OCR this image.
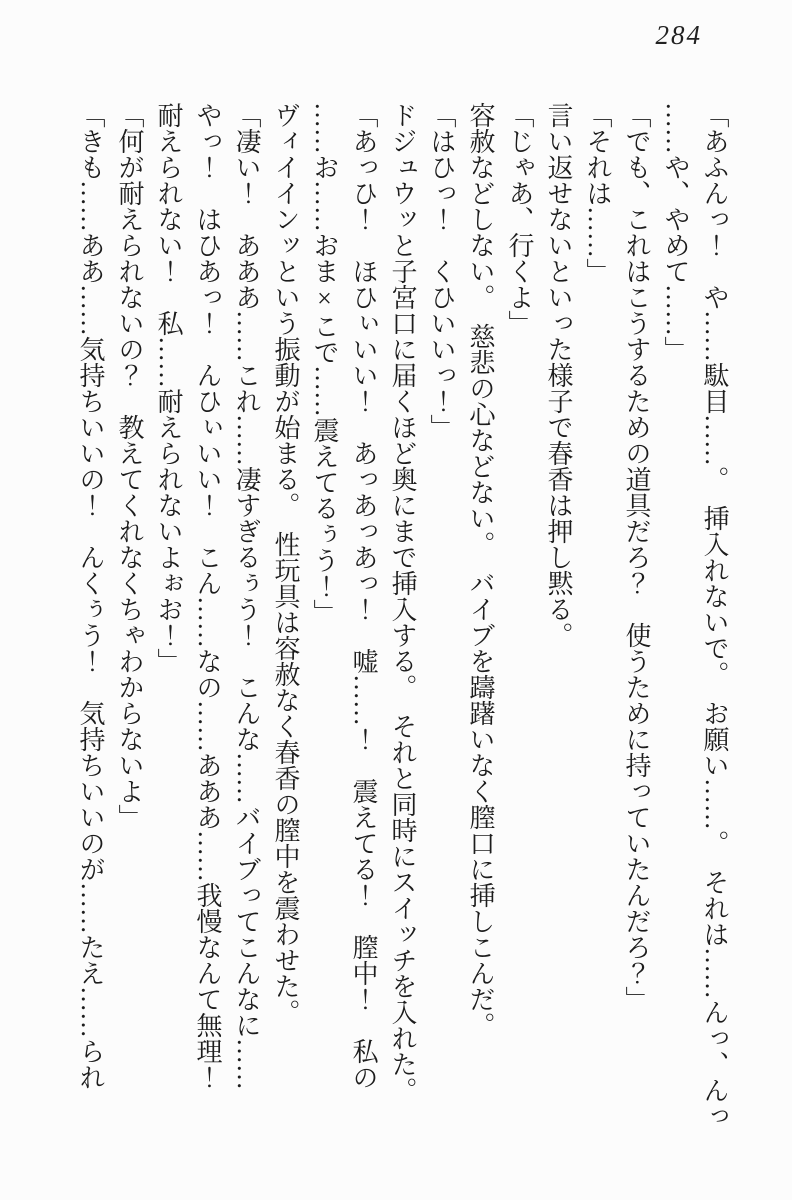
284

「あふんっ！　や……駄目……。　挿入れないで。　お願い……。　それは……んっ、んっ

……や、やめて……」

「でも、これはこうするための道具だろ？　使うために持っていたんだろ？」

「それは……」

言い返せないといった様子で春香は押し黙る。

「じゃあ、行くよ」

容赦などしない。　慈悲の心などない。　バイブを躊躇いなく膣口に挿しこんだ。

「はひっ！　くひいいっ！」

ドジュウッと子宮口に届くほど奥にまで挿入する。　それと同時にスイッチを入れた。

「あっひ！　ほひぃいい！　あっあっあっ！　嘘……！　震えてる！　膣中！　私の

……お……おま×こで……震えてるぅう！」

ヴィイインッという振動が始まる。　性玩具は容赦なく春香の膣中を震わせた。

「凄い！　あああ……これ……凄すぎるぅう！　こんな……バイブってこんなに……

やっ！　はひあっ！　んひぃいい！　こん……なの……あああ……我慢なんて無理！

耐えられない！　私……耐えられないよぉお！」

「何が耐えられないの？　教えてくれなくちゃわからないよ」

「きも……ああ……気持ちいいの！　んくぅう！　気持ちいいのが……たえ……られ
